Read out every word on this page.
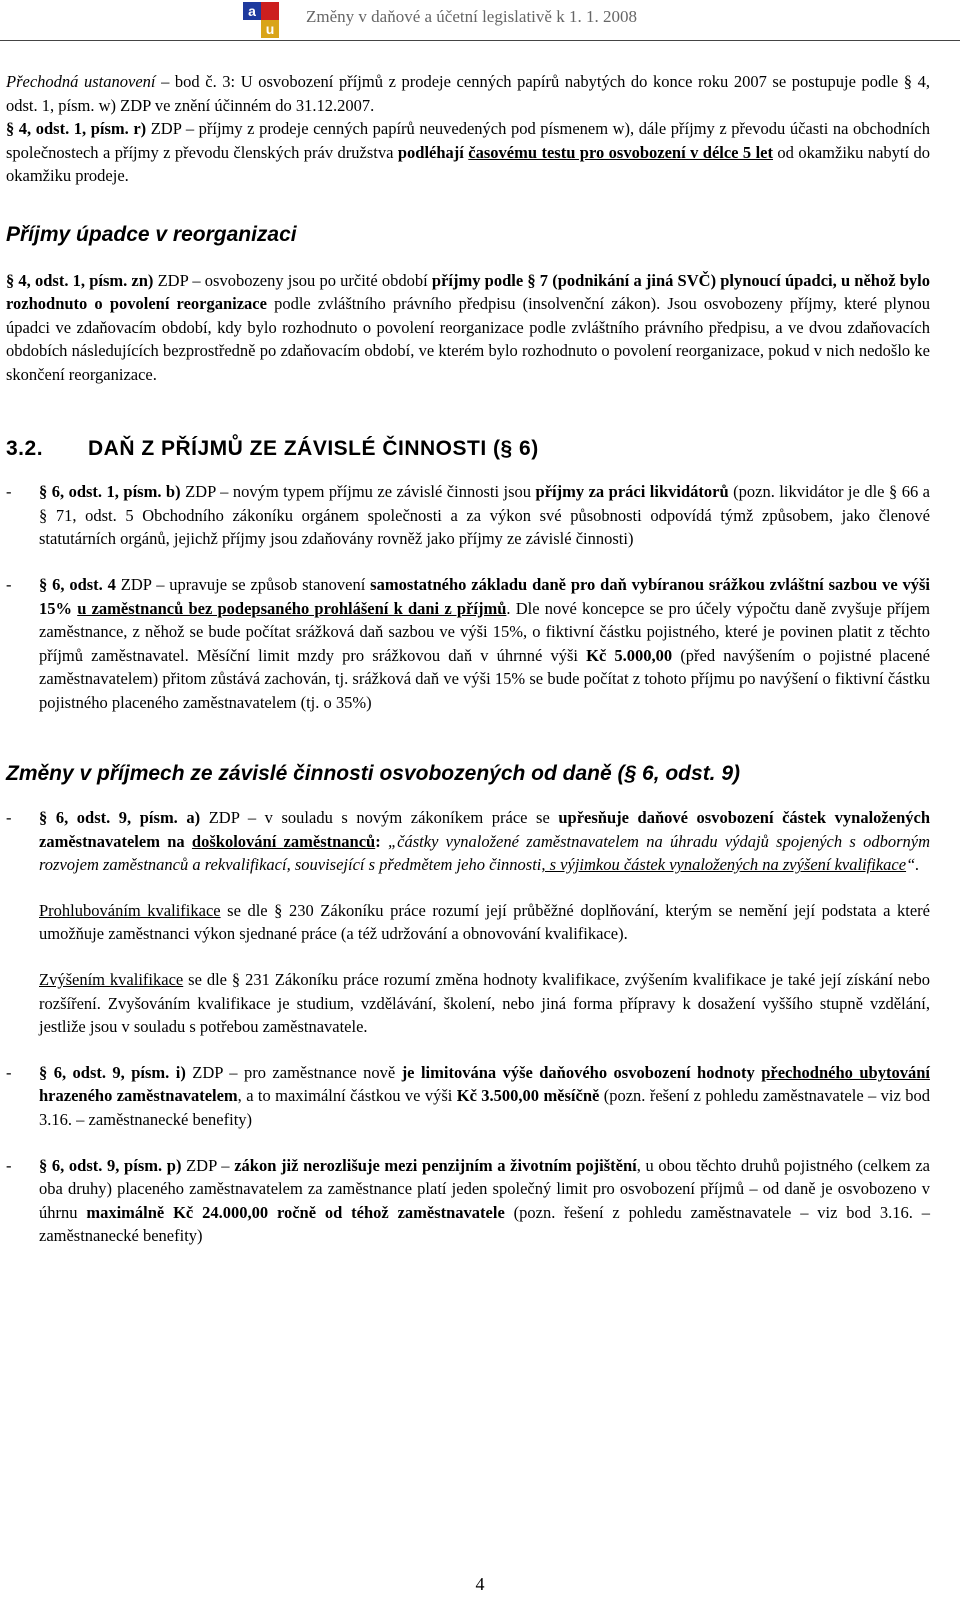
a
u
Změny v daňové a účetní legislativě k 1. 1. 2008

Přechodná ustanovení – bod č. 3: U osvobození příjmů z prodeje cenných papírů nabytých do konce roku 2007 se postupuje podle § 4, odst. 1, písm. w) ZDP ve znění účinném do 31.12.2007.

§ 4, odst. 1, písm. r) ZDP – příjmy z prodeje cenných papírů neuvedených pod písmenem w), dále příjmy z převodu účasti na obchodních společnostech a příjmy z převodu členských práv družstva podléhají časovému testu pro osvobození v délce 5 let od okamžiku nabytí do okamžiku prodeje.

Příjmy úpadce v reorganizaci

§ 4, odst. 1, písm. zn) ZDP – osvobozeny jsou po určité období příjmy podle § 7 (podnikání a jiná SVČ) plynoucí úpadci, u něhož bylo rozhodnuto o povolení reorganizace podle zvláštního právního předpisu (insolvenční zákon). Jsou osvobozeny příjmy, které plynou úpadci ve zdaňovacím období, kdy bylo rozhodnuto o povolení reorganizace podle zvláštního právního předpisu, a ve dvou zdaňovacích obdobích následujících bezprostředně po zdaňovacím období, ve kterém bylo rozhodnuto o povolení reorganizace, pokud v nich nedošlo ke skončení reorganizace.

3.2. DAŇ Z PŘÍJMŮ ZE ZÁVISLÉ ČINNOSTI (§ 6)
-	§ 6, odst. 1, písm. b) ZDP – novým typem příjmu ze závislé činnosti jsou příjmy za práci likvidátorů (pozn. likvidátor je dle § 66 a § 71, odst. 5 Obchodního zákoníku orgánem společnosti a za výkon své působnosti odpovídá týmž způsobem, jako členové statutárních orgánů, jejichž příjmy jsou zdaňovány rovněž jako příjmy ze závislé činnosti)
-	§ 6, odst. 4 ZDP – upravuje se způsob stanovení samostatného základu daně pro daň vybíranou srážkou zvláštní sazbou ve výši 15% u zaměstnanců bez podepsaného prohlášení k dani z příjmů. Dle nové koncepce se pro účely výpočtu daně zvyšuje příjem zaměstnance, z něhož se bude počítat srážková daň sazbou ve výši 15%, o fiktivní částku pojistného, které je povinen platit z těchto příjmů zaměstnavatel. Měsíční limit mzdy pro srážkovou daň v úhrnné výši Kč 5.000,00 (před navýšením o pojistné placené zaměstnavatelem) přitom zůstává zachován, tj. srážková daň ve výši 15% se bude počítat z tohoto příjmu po navýšení o fiktivní částku pojistného placeného zaměstnavatelem (tj. o 35%)
Změny v příjmech ze závislé činnosti osvobozených od daně (§ 6, odst. 9)
-	§ 6, odst. 9, písm. a) ZDP – v souladu s novým zákoníkem práce se upřesňuje daňové osvobození částek vynaložených zaměstnavatelem na doškolování zaměstnanců: „částky vynaložené zaměstnavatelem na úhradu výdajů spojených s odborným rozvojem zaměstnanců a rekvalifikací, související s předmětem jeho činnosti, s výjimkou částek vynaložených na zvýšení kvalifikace“.

Prohlubováním kvalifikace se dle § 230 Zákoníku práce rozumí její průběžné doplňování, kterým se nemění její podstata a které umožňuje zaměstnanci výkon sjednané práce (a též udržování a obnovování kvalifikace).

Zvýšením kvalifikace se dle § 231 Zákoníku práce rozumí změna hodnoty kvalifikace, zvýšením kvalifikace je také její získání nebo rozšíření. Zvyšováním kvalifikace je studium, vzdělávání, školení, nebo jiná forma přípravy k dosažení vyššího stupně vzdělání, jestliže jsou v souladu s potřebou zaměstnavatele.

-	§ 6, odst. 9, písm. i) ZDP – pro zaměstnance nově je limitována výše daňového osvobození hodnoty přechodného ubytování hrazeného zaměstnavatelem, a to maximální částkou ve výši Kč 3.500,00 měsíčně (pozn. řešení z pohledu zaměstnavatele – viz bod 3.16. – zaměstnanecké benefity)
-	§ 6, odst. 9, písm. p) ZDP – zákon již nerozlišuje mezi penzijním a životním pojištění, u obou těchto druhů pojistného (celkem za oba druhy) placeného zaměstnavatelem za zaměstnance platí jeden společný limit pro osvobození příjmů – od daně je osvobozeno v úhrnu maximálně Kč 24.000,00 ročně od téhož zaměstnavatele (pozn. řešení z pohledu zaměstnavatele – viz bod 3.16. – zaměstnanecké benefity)
4
